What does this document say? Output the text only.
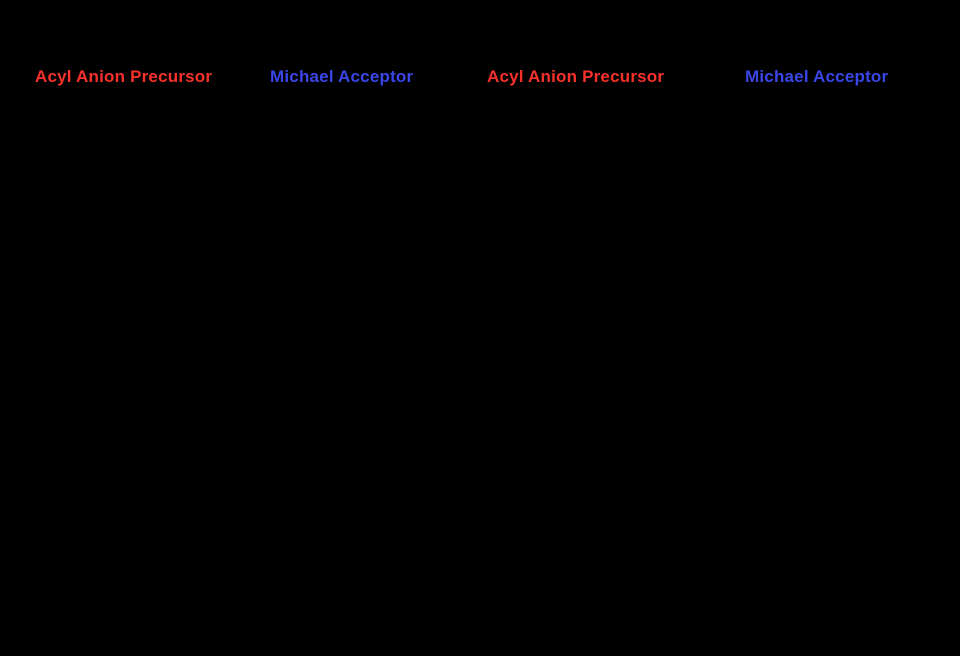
Acyl Anion Precursor	Michael Acceptor	Acyl Anion Precursor	Michael Acceptor
